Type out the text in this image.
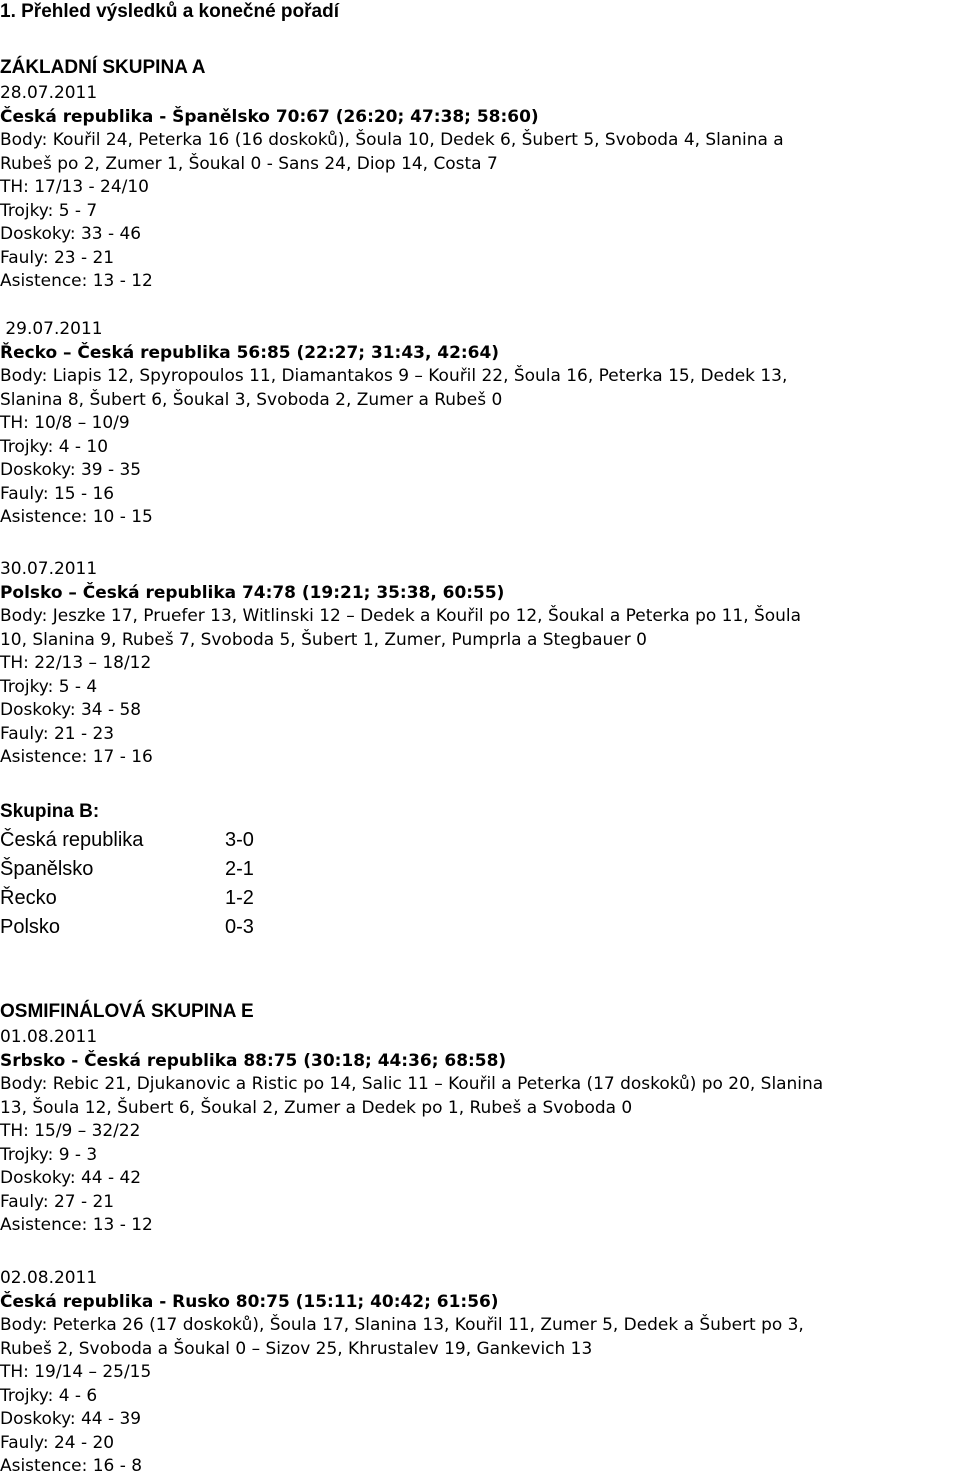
1. Přehled výsledků a konečné pořadí
ZÁKLADNÍ SKUPINA A
28.07.2011
Česká republika - Španělsko 70:67 (26:20; 47:38; 58:60)
Body: Kouřil 24, Peterka 16 (16 doskoků), Šoula 10, Dedek 6, Šubert 5, Svoboda 4, Slanina a
Rubeš po 2, Zumer 1, Šoukal 0 - Sans 24, Diop 14, Costa 7
TH: 17/13 - 24/10
Trojky: 5 - 7
Doskoky: 33 - 46
Fauly: 23 - 21
Asistence: 13 - 12
29.07.2011
Řecko – Česká republika 56:85 (22:27; 31:43, 42:64)
Body: Liapis 12, Spyropoulos 11, Diamantakos 9 – Kouřil 22, Šoula 16, Peterka 15, Dedek 13,
Slanina 8, Šubert 6, Šoukal 3, Svoboda 2, Zumer a Rubeš 0
TH: 10/8 – 10/9
Trojky: 4 - 10
Doskoky: 39 - 35
Fauly: 15 - 16
Asistence: 10 - 15
30.07.2011
Polsko – Česká republika 74:78 (19:21; 35:38, 60:55)
Body: Jeszke 17, Pruefer 13, Witlinski 12 – Dedek a Kouřil po 12, Šoukal a Peterka po 11, Šoula
10, Slanina 9, Rubeš 7, Svoboda 5, Šubert 1, Zumer, Pumprla a Stegbauer 0
TH: 22/13 – 18/12
Trojky: 5 - 4
Doskoky: 34 - 58
Fauly: 21 - 23
Asistence: 17 - 16
Skupina B:
Česká republika	3-0
Španělsko	2-1
Řecko	1-2
Polsko	0-3
OSMIFINÁLOVÁ SKUPINA E
01.08.2011
Srbsko - Česká republika 88:75 (30:18; 44:36; 68:58)
Body: Rebic 21, Djukanovic a Ristic po 14, Salic 11 – Kouřil a Peterka (17 doskoků) po 20, Slanina
13, Šoula 12, Šubert 6, Šoukal 2, Zumer a Dedek po 1, Rubeš a Svoboda 0
TH: 15/9 – 32/22
Trojky: 9 - 3
Doskoky: 44 - 42
Fauly: 27 - 21
Asistence: 13 - 12
02.08.2011
Česká republika - Rusko 80:75 (15:11; 40:42; 61:56)
Body: Peterka 26 (17 doskoků), Šoula 17, Slanina 13, Kouřil 11, Zumer 5, Dedek a Šubert po 3,
Rubeš 2, Svoboda a Šoukal 0 – Sizov 25, Khrustalev 19, Gankevich 13
TH: 19/14 – 25/15
Trojky: 4 - 6
Doskoky: 44 - 39
Fauly: 24 - 20
Asistence: 16 - 8
